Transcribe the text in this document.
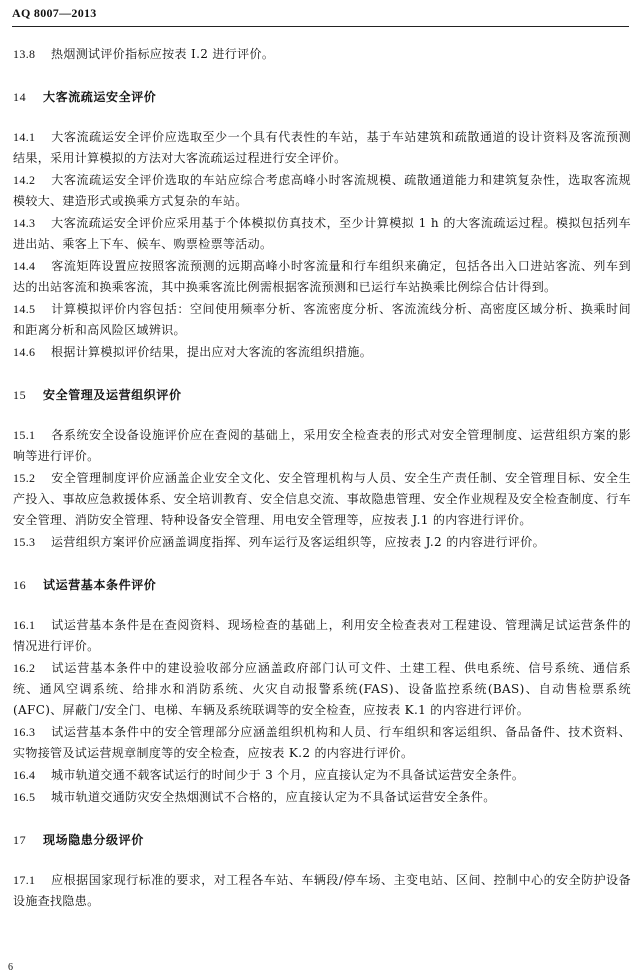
AQ 8007—2013
13.8 热烟测试评价指标应按表 I.2 进行评价。
14 大客流疏运安全评价
14.1 大客流疏运安全评价应选取至少一个具有代表性的车站，基于车站建筑和疏散通道的设计资料及客流预测结果，采用计算模拟的方法对大客流疏运过程进行安全评价。
14.2 大客流疏运安全评价选取的车站应综合考虑高峰小时客流规模、疏散通道能力和建筑复杂性，选取客流规模较大、建造形式或换乘方式复杂的车站。
14.3 大客流疏运安全评价应采用基于个体模拟仿真技术，至少计算模拟 1 h 的大客流疏运过程。模拟包括列车进出站、乘客上下车、候车、购票检票等活动。
14.4 客流矩阵设置应按照客流预测的远期高峰小时客流量和行车组织来确定，包括各出入口进站客流、列车到达的出站客流和换乘客流，其中换乘客流比例需根据客流预测和已运行车站换乘比例综合估计得到。
14.5 计算模拟评价内容包括：空间使用频率分析、客流密度分析、客流流线分析、高密度区域分析、换乘时间和距离分析和高风险区域辨识。
14.6 根据计算模拟评价结果，提出应对大客流的客流组织措施。
15 安全管理及运营组织评价
15.1 各系统安全设备设施评价应在查阅的基础上，采用安全检查表的形式对安全管理制度、运营组织方案的影响等进行评价。
15.2 安全管理制度评价应涵盖企业安全文化、安全管理机构与人员、安全生产责任制、安全管理目标、安全生产投入、事故应急救援体系、安全培训教育、安全信息交流、事故隐患管理、安全作业规程及安全检查制度、行车安全管理、消防安全管理、特种设备安全管理、用电安全管理等，应按表 J.1 的内容进行评价。
15.3 运营组织方案评价应涵盖调度指挥、列车运行及客运组织等，应按表 J.2 的内容进行评价。
16 试运营基本条件评价
16.1 试运营基本条件是在查阅资料、现场检查的基础上，利用安全检查表对工程建设、管理满足试运营条件的情况进行评价。
16.2 试运营基本条件中的建设验收部分应涵盖政府部门认可文件、土建工程、供电系统、信号系统、通信系统、通风空调系统、给排水和消防系统、火灾自动报警系统(FAS)、设备监控系统(BAS)、自动售检票系统(AFC)、屏蔽门/安全门、电梯、车辆及系统联调等的安全检查，应按表 K.1 的内容进行评价。
16.3 试运营基本条件中的安全管理部分应涵盖组织机构和人员、行车组织和客运组织、备品备件、技术资料、实物接管及试运营规章制度等的安全检查，应按表 K.2 的内容进行评价。
16.4 城市轨道交通不载客试运行的时间少于 3 个月，应直接认定为不具备试运营安全条件。
16.5 城市轨道交通防灾安全热烟测试不合格的，应直接认定为不具备试运营安全条件。
17 现场隐患分级评价
17.1 应根据国家现行标准的要求，对工程各车站、车辆段/停车场、主变电站、区间、控制中心的安全防护设备设施查找隐患。
6
